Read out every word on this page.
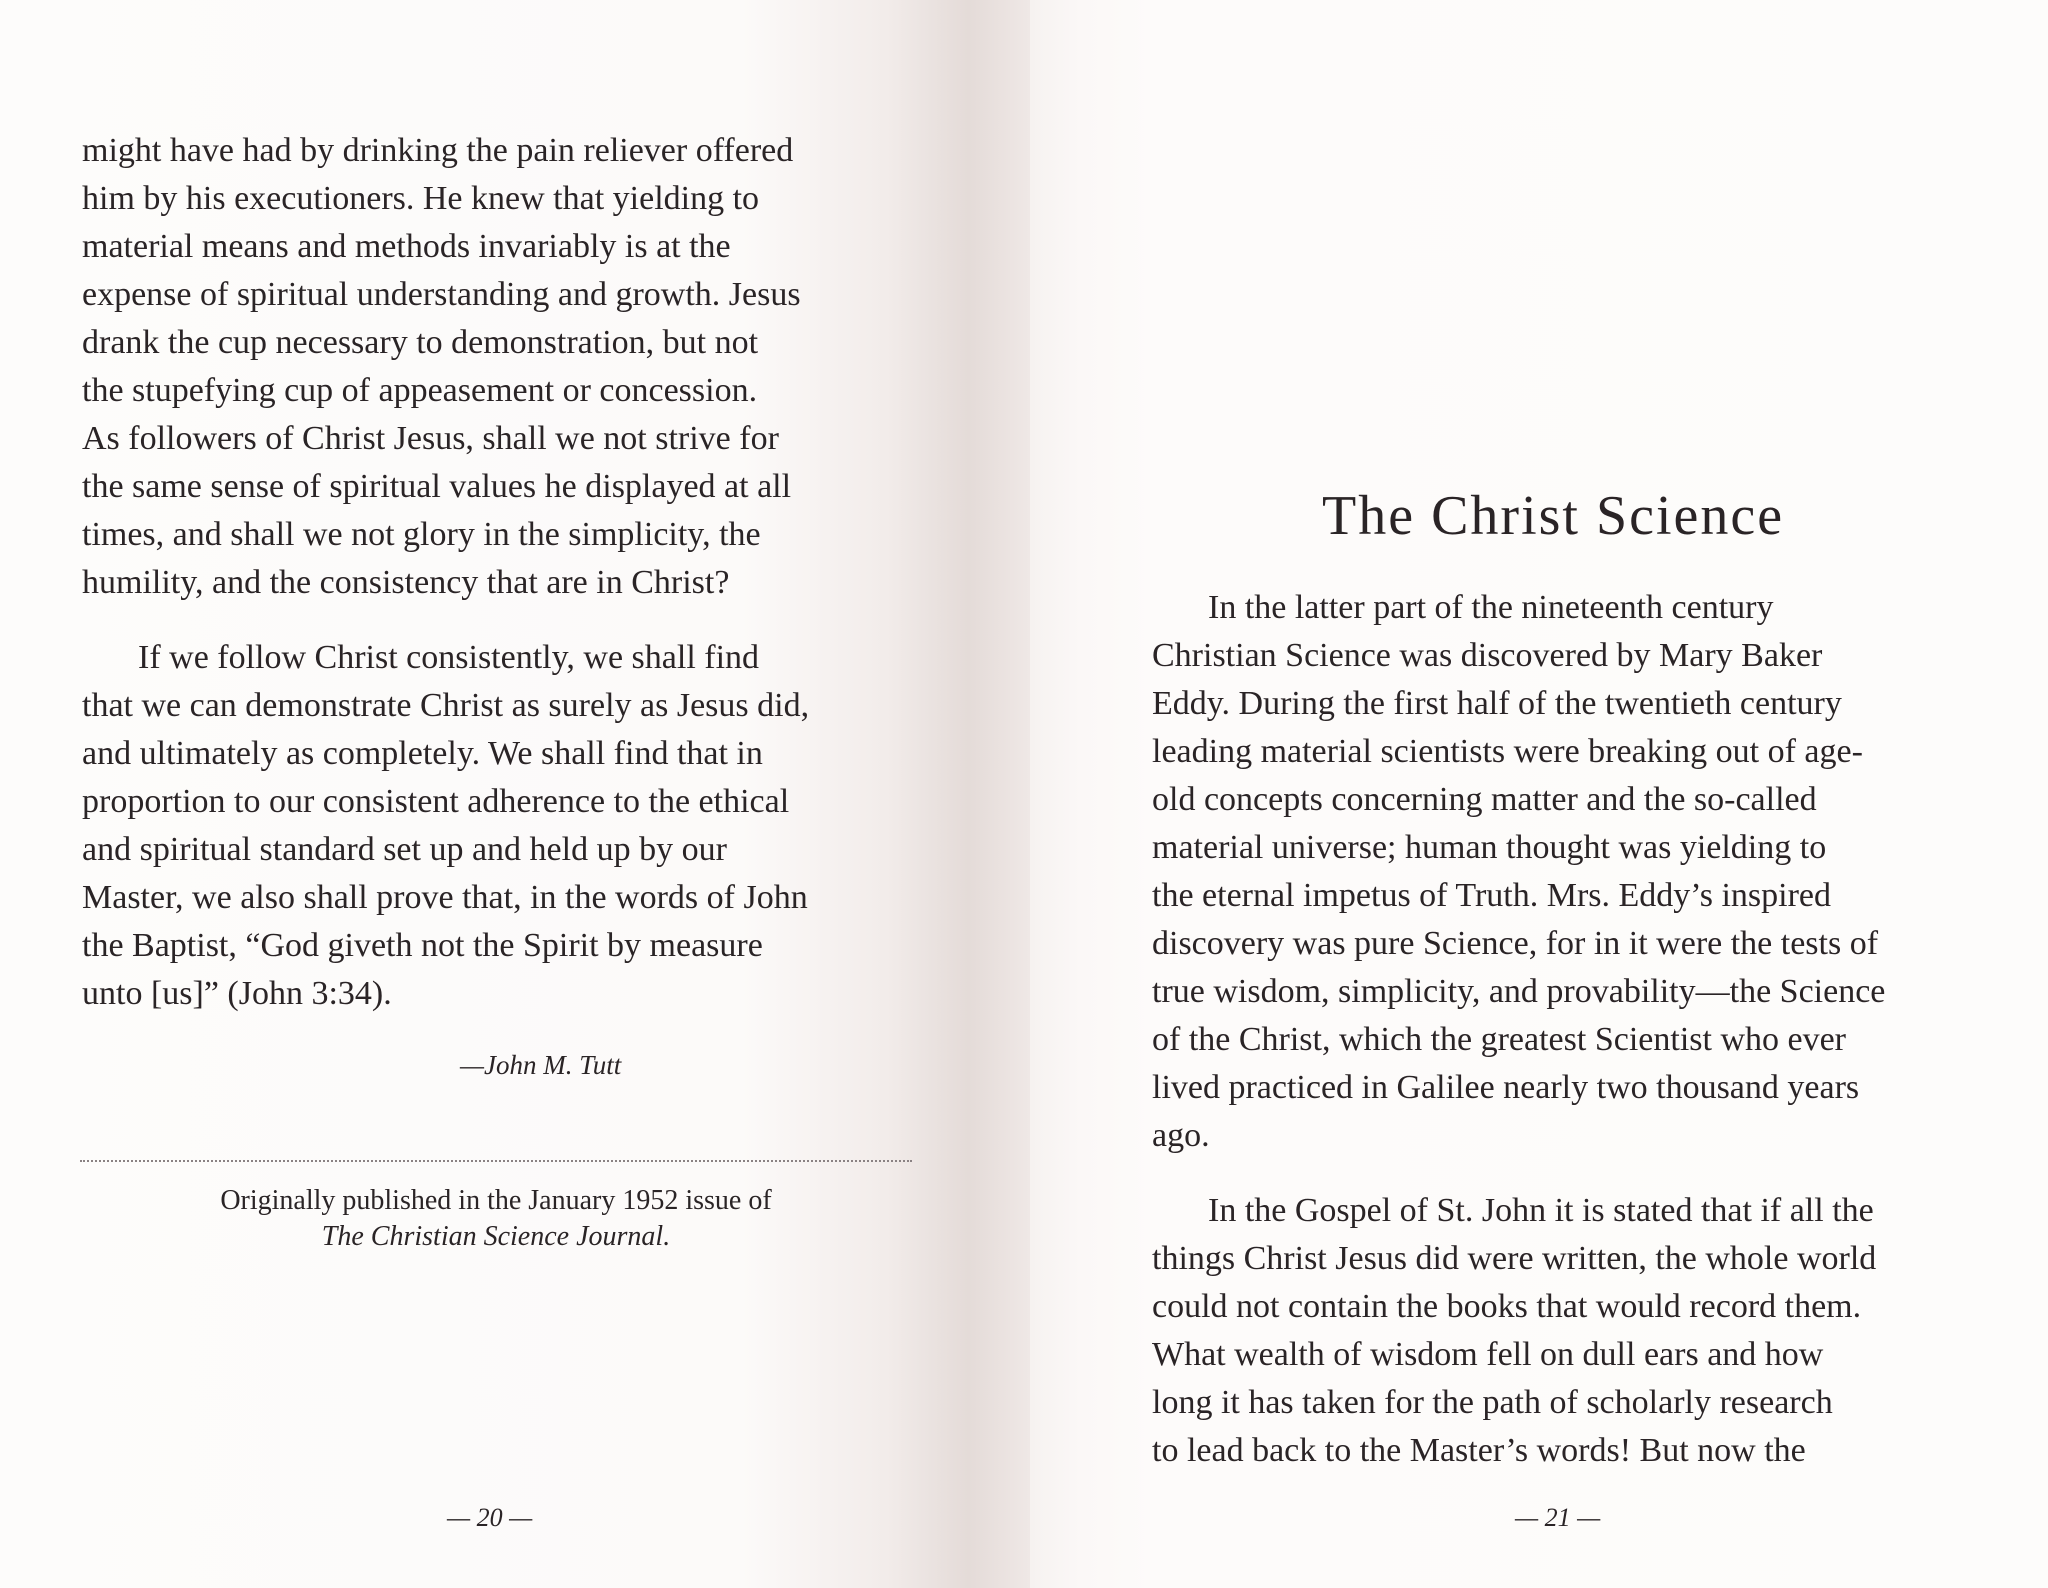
might have had by drinking the pain reliever offered
him by his executioners. He knew that yielding to
material means and methods invariably is at the
expense of spiritual understanding and growth. Jesus
drank the cup necessary to demonstration, but not
the stupefying cup of appeasement or concession.
As followers of Christ Jesus, shall we not strive for
the same sense of spiritual values he displayed at all
times, and shall we not glory in the simplicity, the
humility, and the consistency that are in Christ?

If we follow Christ consistently, we shall find
that we can demonstrate Christ as surely as Jesus did,
and ultimately as completely. We shall find that in
proportion to our consistent adherence to the ethical
and spiritual standard set up and held up by our
Master, we also shall prove that, in the words of John
the Baptist, “God giveth not the Spirit by measure
unto [us]” (John 3:34).

—John M. Tutt
Originally published in the January 1952 issue of
The Christian Science Journal.
— 20 —
The Christ Science

In the latter part of the nineteenth century
Christian Science was discovered by Mary Baker
Eddy. During the first half of the twentieth century
leading material scientists were breaking out of age-
old concepts concerning matter and the so-called
material universe; human thought was yielding to
the eternal impetus of Truth. Mrs. Eddy’s inspired
discovery was pure Science, for in it were the tests of
true wisdom, simplicity, and provability—the Science
of the Christ, which the greatest Scientist who ever
lived practiced in Galilee nearly two thousand years
ago.

In the Gospel of St. John it is stated that if all the
things Christ Jesus did were written, the whole world
could not contain the books that would record them.
What wealth of wisdom fell on dull ears and how
long it has taken for the path of scholarly research
to lead back to the Master’s words! But now the

— 21 —
